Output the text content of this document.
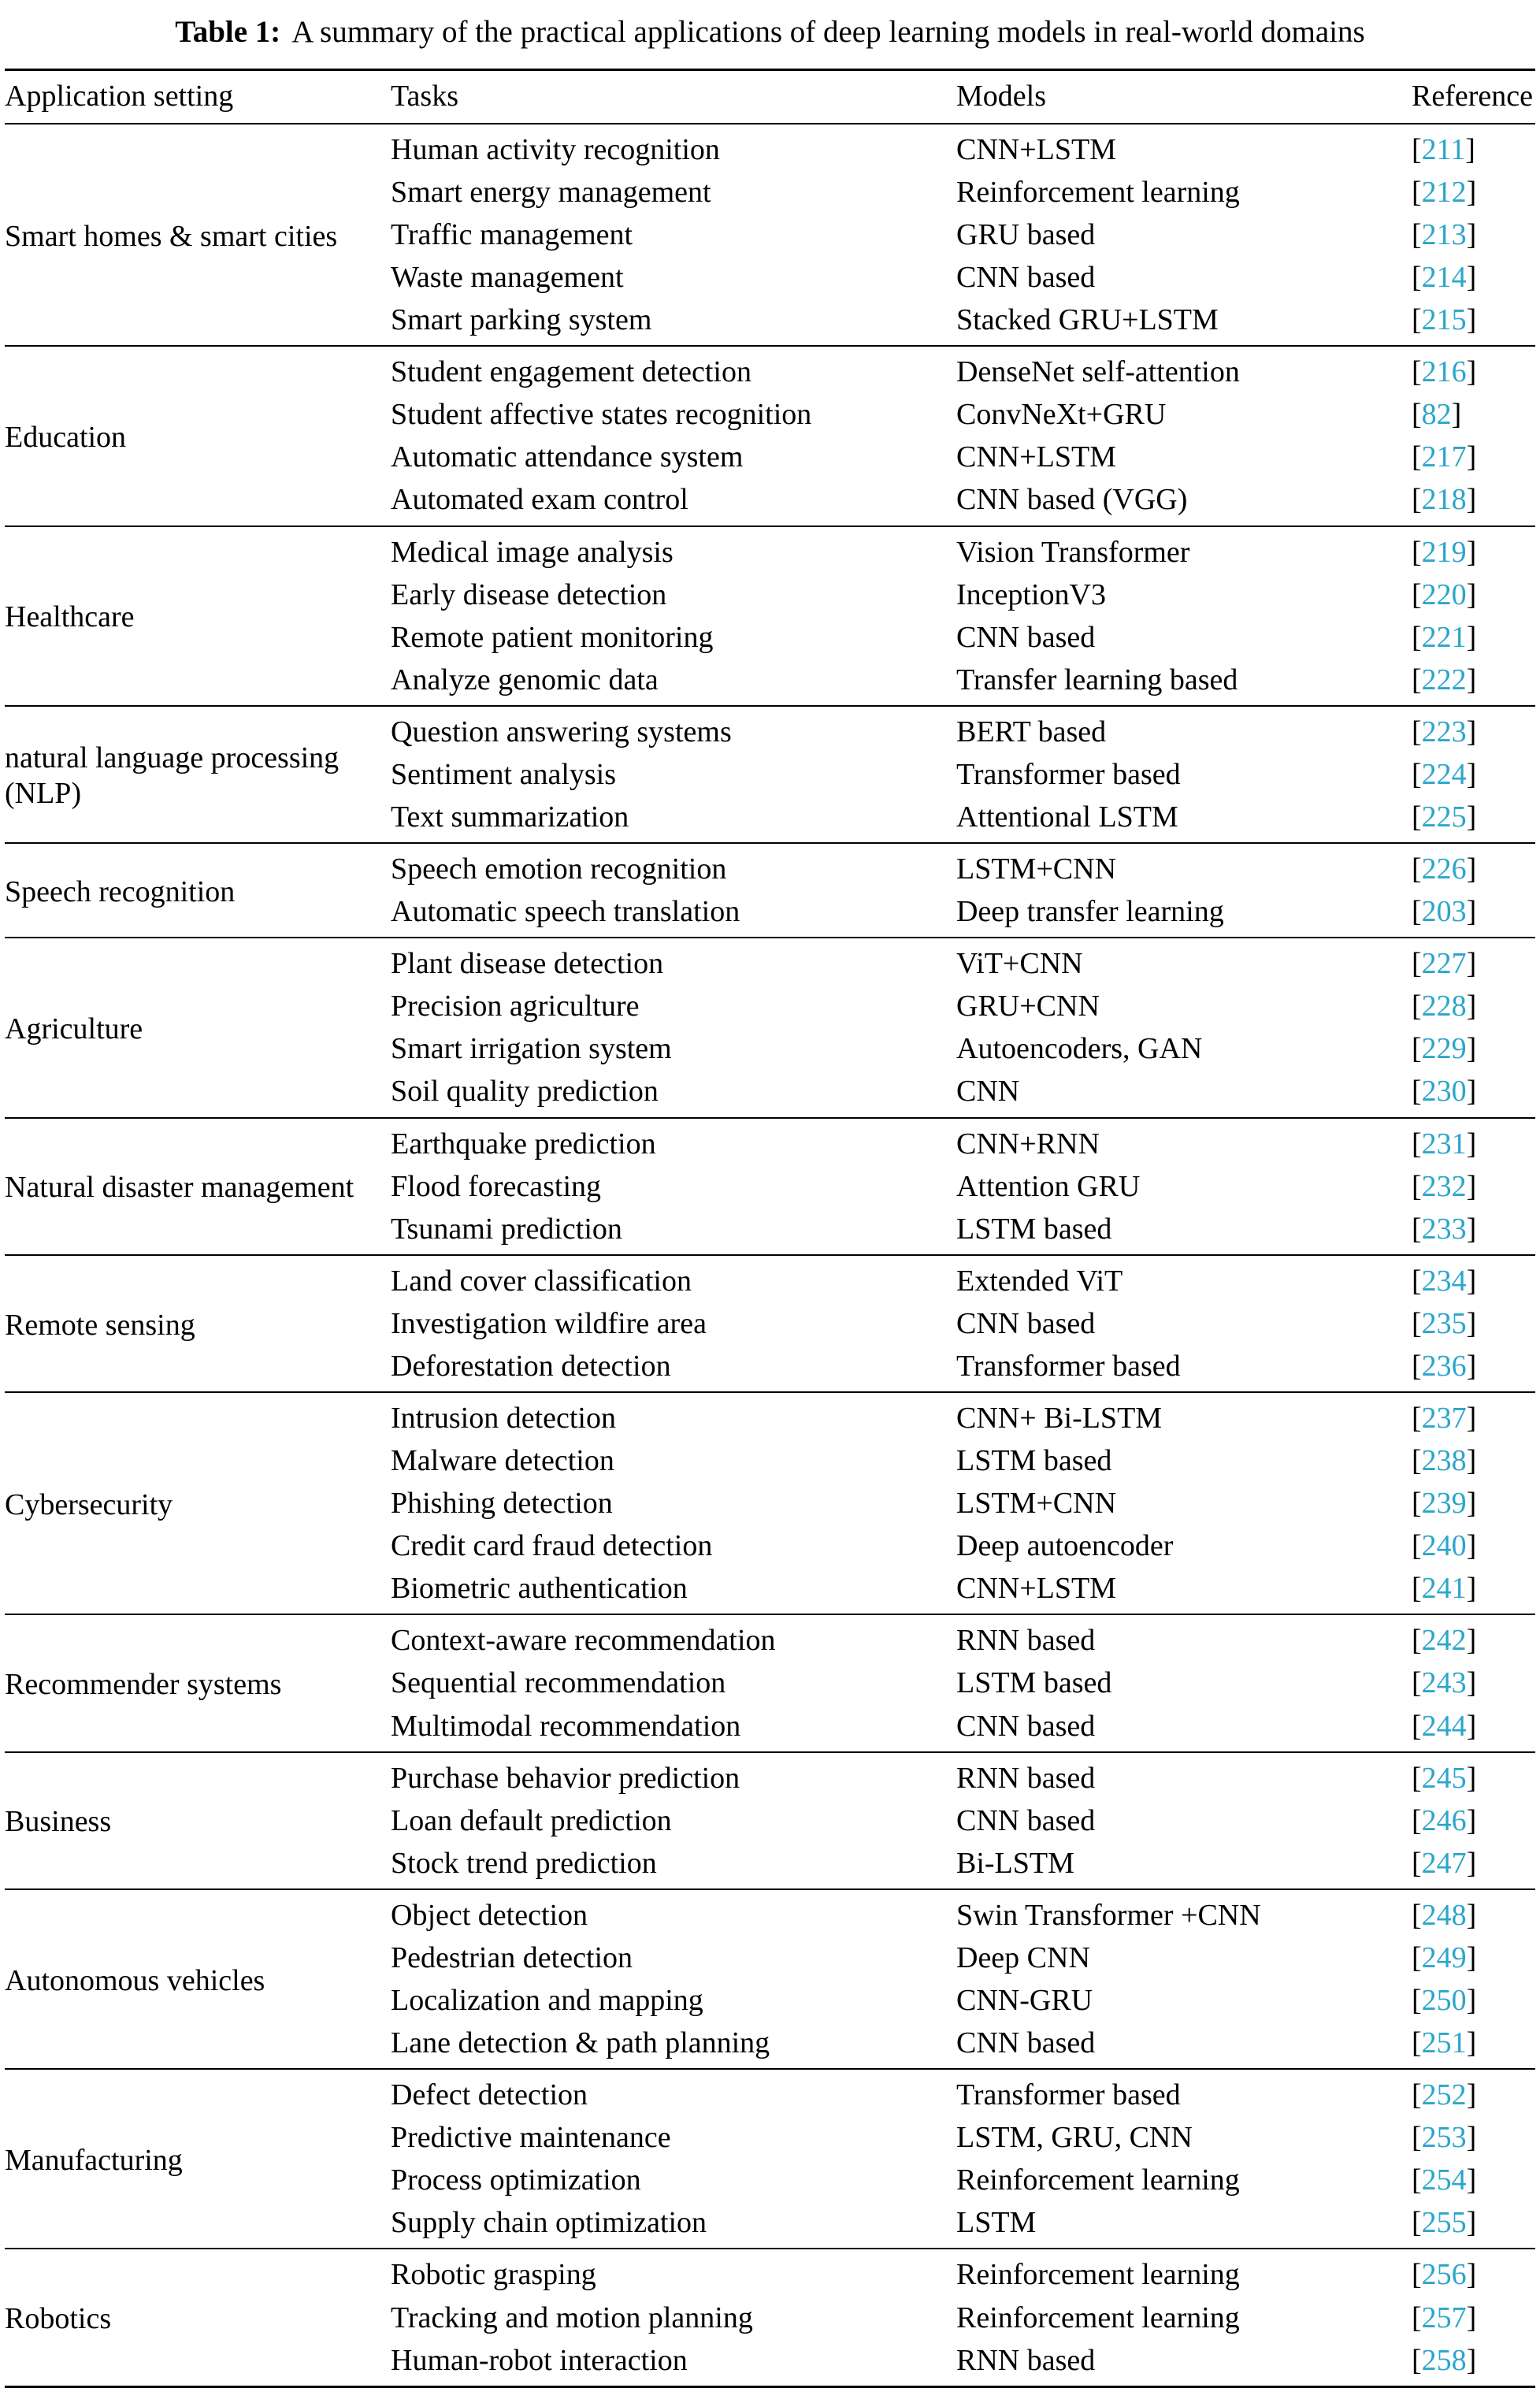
Table 1: A summary of the practical applications of deep learning models in real-world domains
Application setting	Tasks	Models	Reference
Smart homes & smart cities	Human activity recognition	CNN+LSTM	[211]
	Smart energy management	Reinforcement learning	[212]
	Traffic management	GRU based	[213]
	Waste management	CNN based	[214]
	Smart parking system	Stacked GRU+LSTM	[215]
Education	Student engagement detection	DenseNet self-attention	[216]
	Student affective states recognition	ConvNeXt+GRU	[82]
	Automatic attendance system	CNN+LSTM	[217]
	Automated exam control	CNN based (VGG)	[218]
Healthcare	Medical image analysis	Vision Transformer	[219]
	Early disease detection	InceptionV3	[220]
	Remote patient monitoring	CNN based	[221]
	Analyze genomic data	Transfer learning based	[222]
natural language processing (NLP)	Question answering systems	BERT based	[223]
	Sentiment analysis	Transformer based	[224]
	Text summarization	Attentional LSTM	[225]
Speech recognition	Speech emotion recognition	LSTM+CNN	[226]
	Automatic speech translation	Deep transfer learning	[203]
Agriculture	Plant disease detection	ViT+CNN	[227]
	Precision agriculture	GRU+CNN	[228]
	Smart irrigation system	Autoencoders, GAN	[229]
	Soil quality prediction	CNN	[230]
Natural disaster management	Earthquake prediction	CNN+RNN	[231]
	Flood forecasting	Attention GRU	[232]
	Tsunami prediction	LSTM based	[233]
Remote sensing	Land cover classification	Extended ViT	[234]
	Investigation wildfire area	CNN based	[235]
	Deforestation detection	Transformer based	[236]
Cybersecurity	Intrusion detection	CNN+ Bi-LSTM	[237]
	Malware detection	LSTM based	[238]
	Phishing detection	LSTM+CNN	[239]
	Credit card fraud detection	Deep autoencoder	[240]
	Biometric authentication	CNN+LSTM	[241]
Recommender systems	Context-aware recommendation	RNN based	[242]
	Sequential recommendation	LSTM based	[243]
	Multimodal recommendation	CNN based	[244]
Business	Purchase behavior prediction	RNN based	[245]
	Loan default prediction	CNN based	[246]
	Stock trend prediction	Bi-LSTM	[247]
Autonomous vehicles	Object detection	Swin Transformer +CNN	[248]
	Pedestrian detection	Deep CNN	[249]
	Localization and mapping	CNN-GRU	[250]
	Lane detection & path planning	CNN based	[251]
Manufacturing	Defect detection	Transformer based	[252]
	Predictive maintenance	LSTM, GRU, CNN	[253]
	Process optimization	Reinforcement learning	[254]
	Supply chain optimization	LSTM	[255]
Robotics	Robotic grasping	Reinforcement learning	[256]
	Tracking and motion planning	Reinforcement learning	[257]
	Human-robot interaction	RNN based	[258]
